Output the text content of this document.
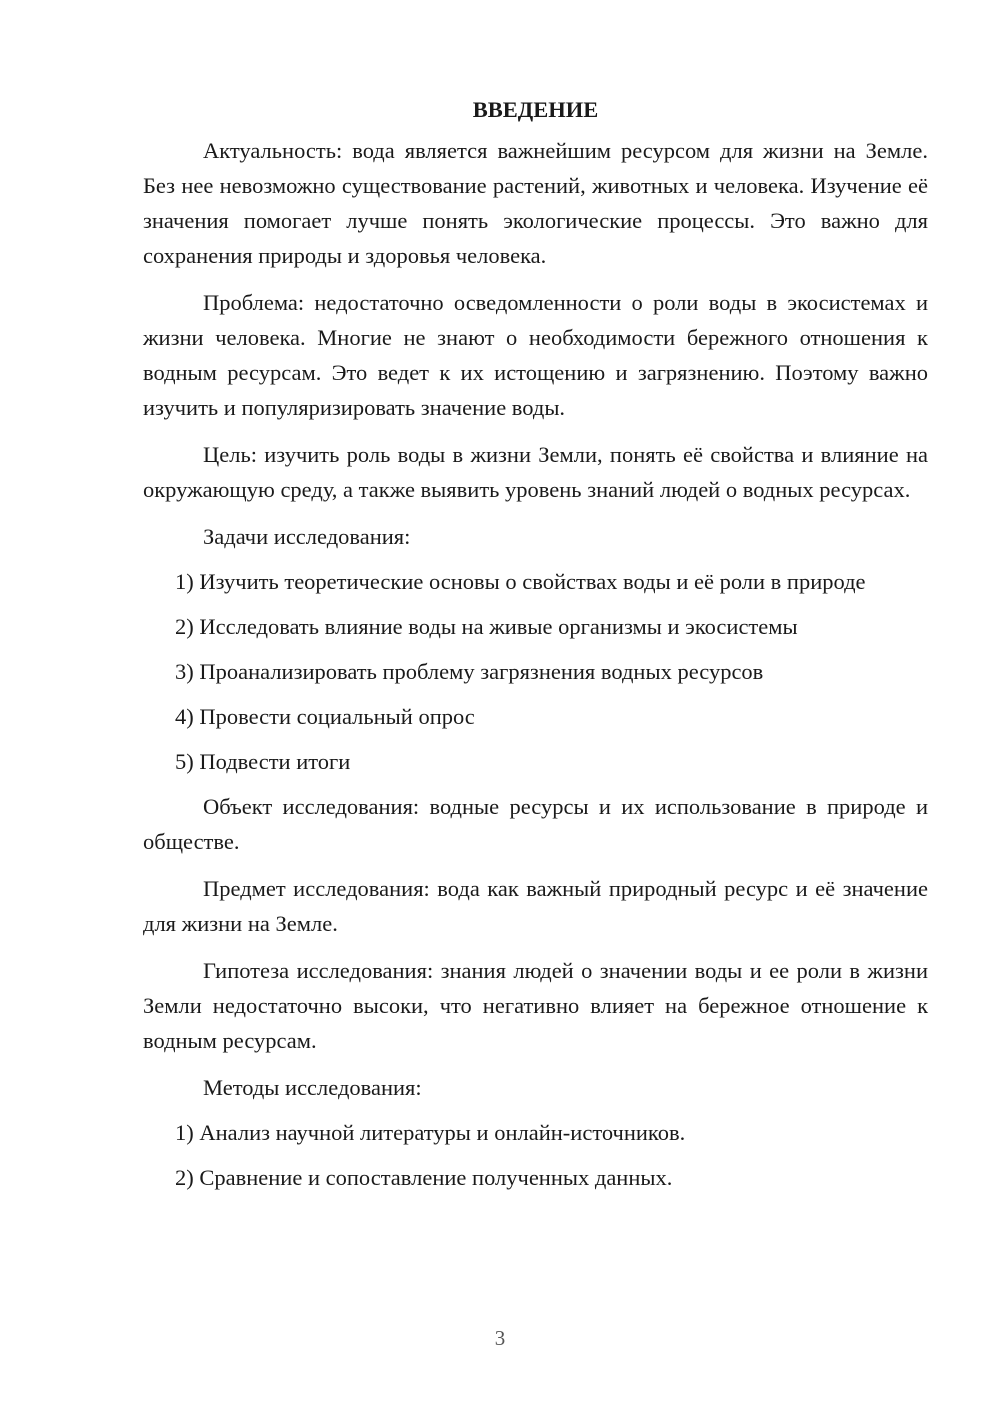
ВВЕДЕНИЕ

Актуальность: вода является важнейшим ресурсом для жизни на Земле. Без нее невозможно существование растений, животных и человека. Изучение её значения помогает лучше понять экологические процессы. Это важно для сохранения природы и здоровья человека.

Проблема: недостаточно осведомленности о роли воды в экосистемах и жизни человека. Многие не знают о необходимости бережного отношения к водным ресурсам. Это ведет к их истощению и загрязнению. Поэтому важно изучить и популяризировать значение воды.

Цель: изучить роль воды в жизни Земли, понять её свойства и влияние на окружающую среду, а также выявить уровень знаний людей о водных ресурсах.

Задачи исследования:

1) Изучить теоретические основы о свойствах воды и её роли в природе

2) Исследовать влияние воды на живые организмы и экосистемы

3) Проанализировать проблему загрязнения водных ресурсов

4) Провести социальный опрос

5) Подвести итоги

Объект исследования: водные ресурсы и их использование в природе и обществе.

Предмет исследования: вода как важный природный ресурс и её значение для жизни на Земле.

Гипотеза исследования: знания людей о значении воды и ее роли в жизни Земли недостаточно высоки, что негативно влияет на бережное отношение к водным ресурсам.

Методы исследования:

1) Анализ научной литературы и онлайн-источников.

2) Сравнение и сопоставление полученных данных.

3
